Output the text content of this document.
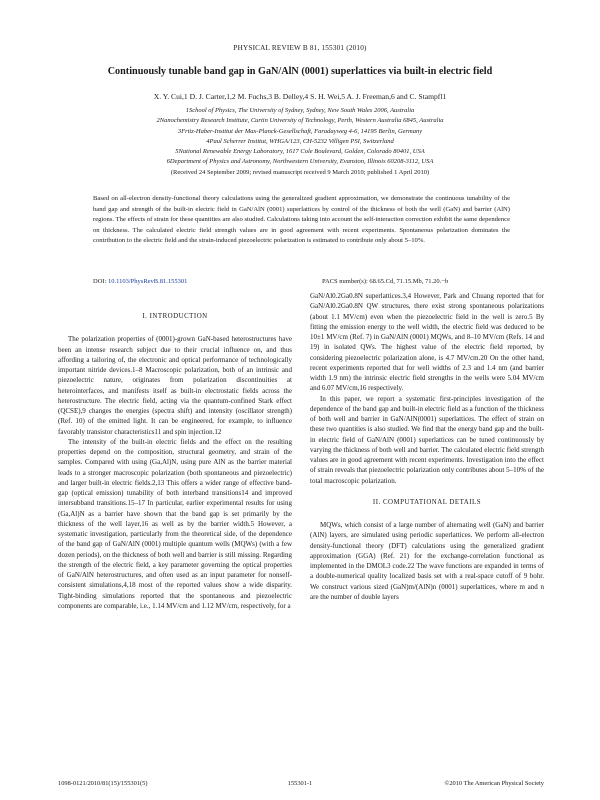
PHYSICAL REVIEW B 81, 155301 (2010)
Continuously tunable band gap in GaN/AlN (0001) superlattices via built-in electric field
X. Y. Cui,1 D. J. Carter,1,2 M. Fuchs,3 B. Delley,4 S. H. Wei,5 A. J. Freeman,6 and C. Stampfl1
1School of Physics, The University of Sydney, Sydney, New South Wales 2006, Australia
2Nanochemistry Research Institute, Curtin University of Technology, Perth, Western Australia 6845, Australia
3Fritz-Haber-Institut der Max-Planck-Gesellschaft, Faradayweg 4-6, 14195 Berlin, Germany
4Paul Scherrer Institut, WHGA/123, CH-5232 Villigen PSI, Switzerland
5National Renewable Energy Laboratory, 1617 Cole Boulevard, Golden, Colorado 80401, USA
6Department of Physics and Astronomy, Northwestern University, Evanston, Illinois 60208-3112, USA
(Received 24 September 2009; revised manuscript received 9 March 2010; published 1 April 2010)
Based on all-electron density-functional theory calculations using the generalized gradient approximation, we demonstrate the continuous tunability of the band gap and strength of the built-in electric field in GaN/AlN (0001) superlattices by control of the thickness of both the well (GaN) and barrier (AlN) regions. The effects of strain for these quantities are also studied. Calculations taking into account the self-interaction correction exhibit the same dependence on thickness. The calculated electric field strength values are in good agreement with recent experiments. Spontaneous polarization dominates the contribution to the electric field and the strain-induced piezoelectric polarization is estimated to contribute only about 5–10%.
DOI: 10.1103/PhysRevB.81.155301	PACS number(s): 68.65.Cd, 71.15.Mb, 71.20.−b

I. INTRODUCTION

The polarization properties of (0001)-grown GaN-based heterostructures have been an intense research subject due to their crucial influence on, and thus affording a tailoring of, the electronic and optical performance of technologically important nitride devices.1–8 Macroscopic polarization, both of an intrinsic and piezoelectric nature, originates from polarization discontinuities at heterointerfaces, and manifests itself as built-in electrostatic fields across the heterostructure. The electric field, acting via the quantum-confined Stark effect (QCSE),9 changes the energies (spectra shift) and intensity (oscillator strength) (Ref. 10) of the emitted light. It can be engineered, for example, to influence favorably transistor characteristics11 and spin injection.12

The intensity of the built-in electric fields and the effect on the resulting properties depend on the composition, structural geometry, and strain of the samples. Compared with using (Ga,Al)N, using pure AlN as the barrier material leads to a stronger macroscopic polarization (both spontaneous and piezoelectric) and larger built-in electric fields.2,13 This offers a wider range of effective band-gap (optical emission) tunability of both interband transitions14 and improved intersubband transitions.15–17 In particular, earlier experimental results for using (Ga,Al)N as a barrier have shown that the band gap is set primarily by the thickness of the well layer,16 as well as by the barrier width.5 However, a systematic investigation, particularly from the theoretical side, of the dependence of the band gap of GaN/AlN (0001) multiple quantum wells (MQWs) (with a few dozen periods), on the thickness of both well and barrier is still missing. Regarding the strength of the electric field, a key parameter governing the optical properties of GaN/AlN heterostructures, and often used as an input parameter for nonself-consistent simulations,4,18 most of the reported values show a wide disparity. Tight-binding simulations reported that the spontaneous and piezoelectric components are comparable, i.e., 1.14 MV/cm and 1.12 MV/cm, respectively, for a

GaN/Al0.2Ga0.8N superlattices.3,4 However, Park and Chuang reported that for GaN/Al0.2Ga0.8N QW structures, there exist strong spontaneous polarizations (about 1.1 MV/cm) even when the piezoelectric field in the well is zero.5 By fitting the emission energy to the well width, the electric field was deduced to be 10±1 MV/cm (Ref. 7) in GaN/AlN (0001) MQWs, and 8–10 MV/cm (Refs. 14 and 19) in isolated QWs. The highest value of the electric field reported, by considering piezoelectric polarization alone, is 4.7 MV/cm.20 On the other hand, recent experiments reported that for well widths of 2.3 and 1.4 nm (and barrier width 1.9 nm) the intrinsic electric field strengths in the wells were 5.04 MV/cm and 6.07 MV/cm,16 respectively.

In this paper, we report a systematic first-principles investigation of the dependence of the band gap and built-in electric field as a function of the thickness of both well and barrier in GaN/AlN(0001) superlattices. The effect of strain on these two quantities is also studied. We find that the energy band gap and the built-in electric field of GaN/AlN (0001) superlattices can be tuned continuously by varying the thickness of both well and barrier. The calculated electric field strength values are in good agreement with recent experiments. Investigation into the effect of strain reveals that piezoelectric polarization only contributes about 5–10% of the total macroscopic polarization.

II. COMPUTATIONAL DETAILS

MQWs, which consist of a large number of alternating well (GaN) and barrier (AlN) layers, are simulated using periodic superlattices. We perform all-electron density-functional theory (DFT) calculations using the generalized gradient approximation (GGA) (Ref. 21) for the exchange-correlation functional as implemented in the DMOL3 code.22 The wave functions are expanded in terms of a double-numerical quality localized basis set with a real-space cutoff of 9 bohr. We construct various sized (GaN)m/(AlN)n (0001) superlattices, where m and n are the number of double layers

1098-0121/2010/81(15)/155301(5)	155301-1	©2010 The American Physical Society
